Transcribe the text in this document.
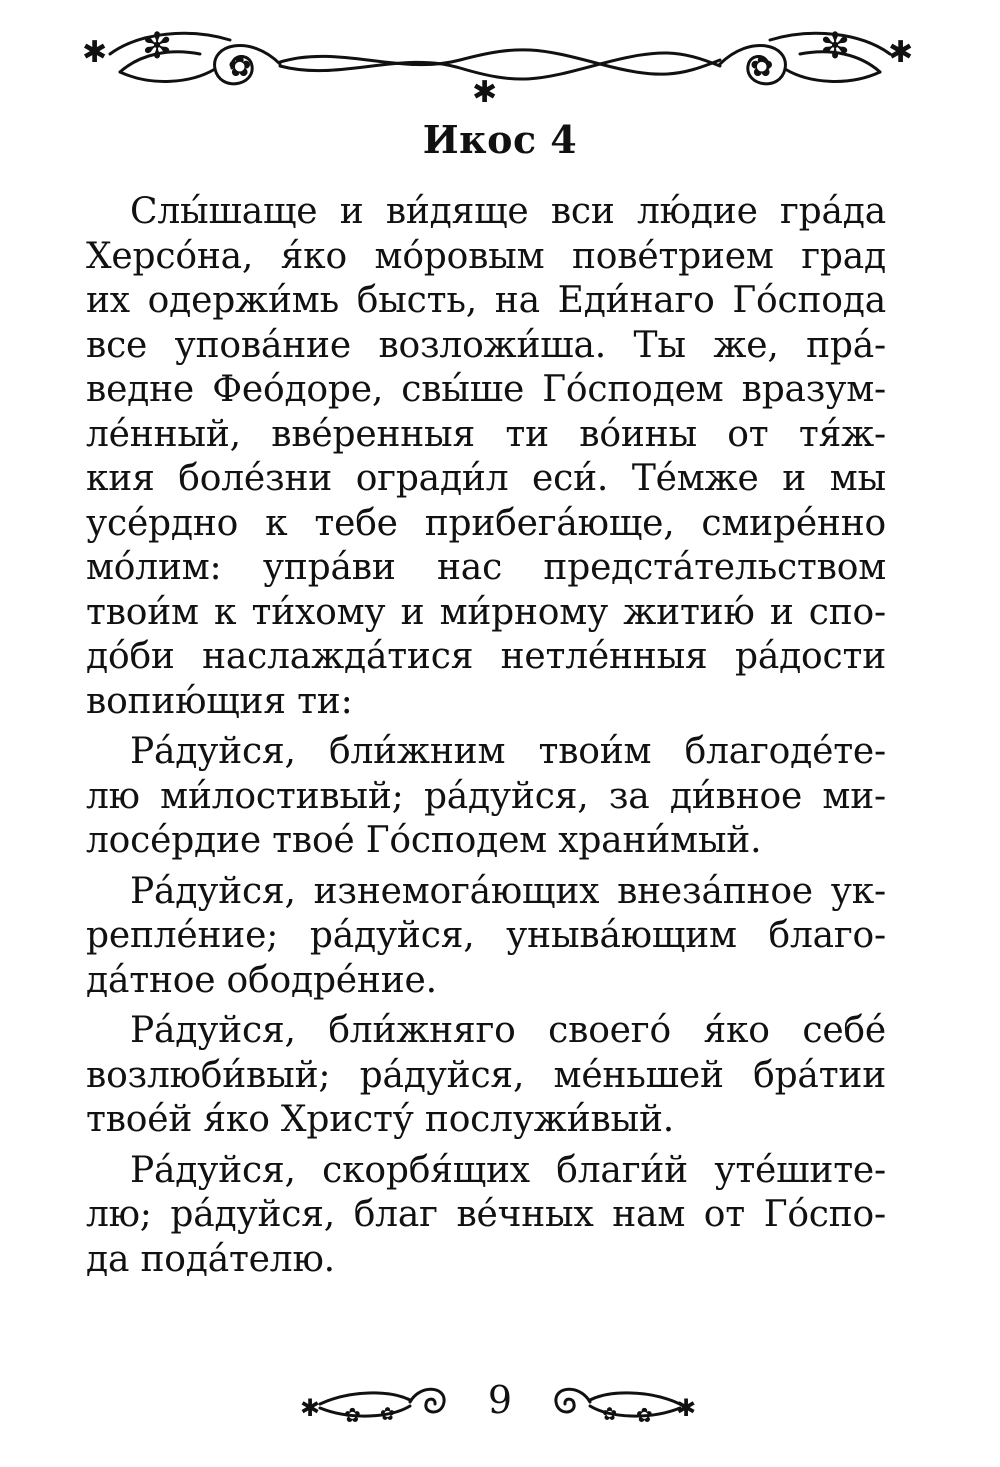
✱ ✻ ✿
✱
✿ ✻ ✱
Икос 4

Слы́шаще и ви́дяще вси лю́дие гра́да
Херсо́на, я́ко мо́ровым пове́трием град
их одержи́мь бысть, на Еди́наго Го́спода
все упова́ние возложи́ша. Ты же, пра́-
ведне Феóдоре, свы́ше Го́сподем вразум-
ле́нный, вве́ренныя ти во́ины от тя́ж-
кия боле́зни огради́л еси́. Те́мже и мы
усе́рдно к тебе прибега́юще, смире́нно
мо́лим: упра́ви нас предста́тельством
твои́м к ти́хому и ми́рному житию́ и спо-
до́би наслажда́тися нетле́нныя ра́дости
вопию́щия ти:

Ра́дуйся, бли́жним твои́м благоде́те-
лю ми́лостивый; ра́дуйся, за ди́вное ми-
лосе́рдие твое́ Го́сподем храни́мый.

Ра́дуйся, изнемога́ющих внеза́пное ук-
репле́ние; ра́дуйся, уныва́ющим благо-
да́тное ободре́ние.

Ра́дуйся, бли́жняго своего́ я́ко себе́
возлюби́вый; ра́дуйся, ме́ньшей бра́тии
твое́й я́ко Христу́ послужи́вый.

Ра́дуйся, скорбя́щих благи́й уте́шите-
лю; ра́дуйся, благ ве́чных нам от Го́спо-
да пода́телю.

✱ ✿ ✿	9	✱
✿
✿
